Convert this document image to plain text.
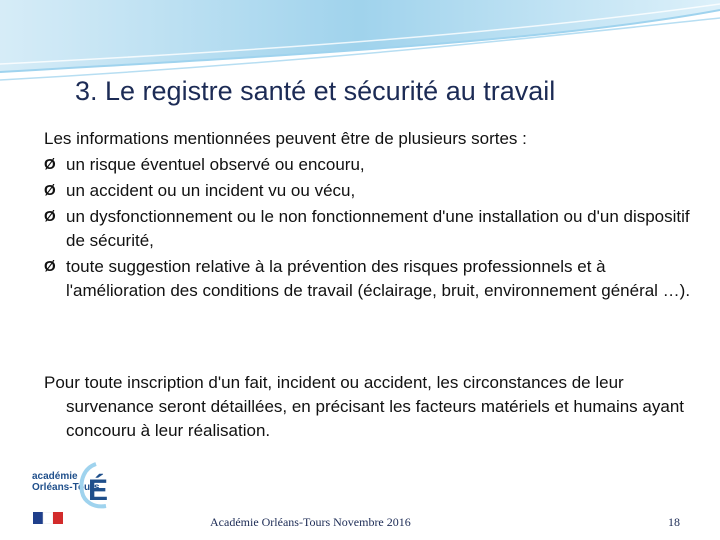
3. Le registre santé et sécurité au travail
Les informations mentionnées peuvent être de plusieurs sortes :
Ø un risque éventuel observé ou encouru,
Ø un accident ou un incident vu ou vécu,
Ø un dysfonctionnement ou le non fonctionnement d'une installation ou d'un dispositif de sécurité,
Ø toute suggestion relative à la prévention des risques professionnels et à l'amélioration des conditions de travail (éclairage, bruit, environnement général …).
Pour toute inscription d'un fait, incident ou accident, les circonstances de leur survenance seront détaillées, en précisant les facteurs matériels et humains ayant concouru à leur réalisation.
académie
Orléans-Tours
É
Académie Orléans-Tours Novembre 2016	18
